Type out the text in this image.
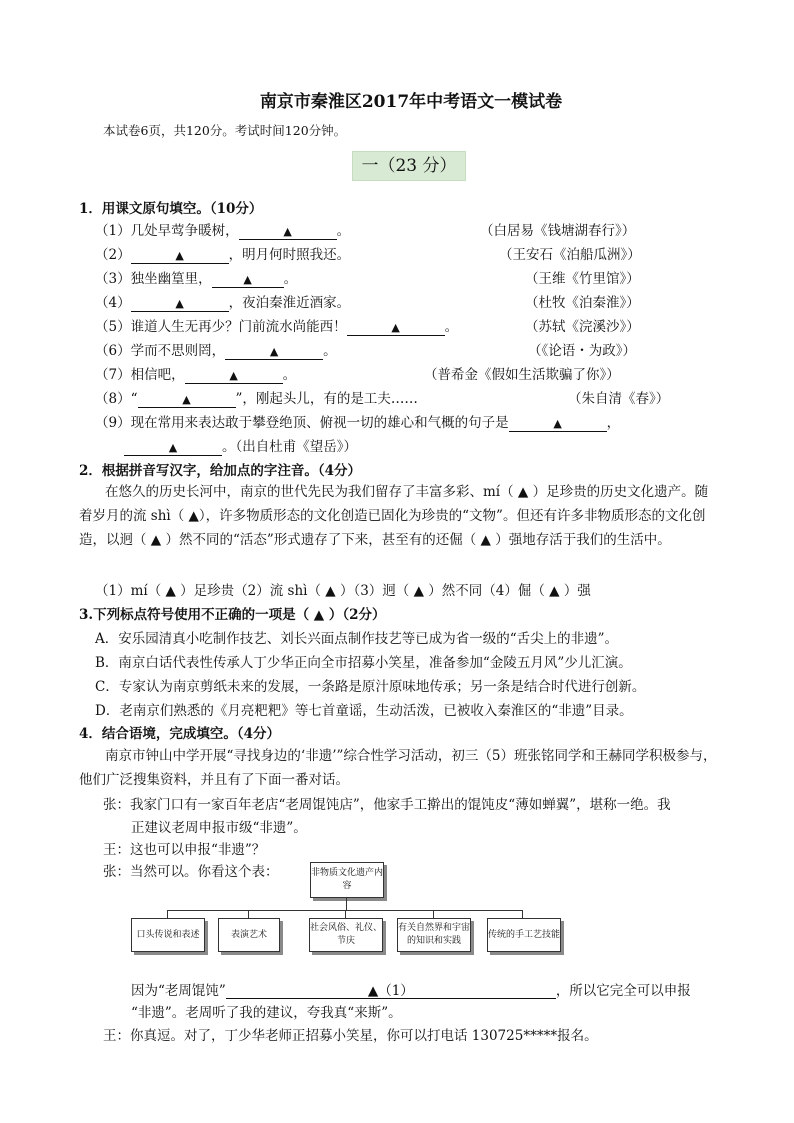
南京市秦淮区2017年中考语文一模试卷
本试卷6页，共120分。考试时间120分钟。
一（23 分）
1．用课文原句填空。（10分）
（1）几处早莺争暖树，	▲	。	（白居易《钱塘湖春行》）
（2）	▲	，明月何时照我还。	（王安石《泊船瓜洲》）
（3）独坐幽篁里，	▲ 。	（王维《竹里馆》）
（4）	▲	，夜泊秦淮近酒家。	（杜牧《泊秦淮》）
（5）谁道人生无再少？门前流水尚能西！	▲	。	（苏轼《浣溪沙》）
（6）学而不思则罔，	▲	。	（《论语・为政》）
（7）相信吧，	▲	。	（普希金《假如生活欺骗了你》）
（8）“	▲	”，刚起头儿，有的是工夫……	（朱自清《春》）
（9）现在常用来表达敢于攀登绝顶、俯视一切的雄心和气概的句子是	▲	，
▲	。（出自杜甫《望岳》）
2．根据拼音写汉字，给加点的字注音。（4分）
在悠久的历史长河中，南京的世代先民为我们留存了丰富多彩、mí（ ▲ ）足珍贵的历史文化遗产。随着岁月的流 shì（ ▲），许多物质形态的文化创造已固化为珍贵的“文物”。但还有许多非物质形态的文化创造，以迥（ ▲ ）然不同的“活态”形式遗存了下来，甚至有的还倔（ ▲ ）强地存活于我们的生活中。
（1）mí（ ▲ ）足珍贵（2）流 shì（ ▲ ）（3）迥（ ▲ ）然不同（4）倔（ ▲ ）强
3.下列标点符号使用不正确的一项是（ ▲ ）（2分）
A．安乐园清真小吃制作技艺、刘长兴面点制作技艺等已成为省一级的“舌尖上的非遗”。
B．南京白话代表性传承人丁少华正向全市招募小笑星，准备参加“金陵五月风”少儿汇演。
C．专家认为南京剪纸未来的发展，一条路是原汁原味地传承；另一条是结合时代进行创新。
D．老南京们熟悉的《月亮粑粑》等七首童谣，生动活泼，已被收入秦淮区的“非遗”目录。
4．结合语境，完成填空。（4分）
南京市钟山中学开展“寻找身边的‘非遗’”综合性学习活动，初三（5）班张铭同学和王赫同学积极参与，他们广泛搜集资料，并且有了下面一番对话。
张：我家门口有一家百年老店“老周馄饨店”，他家手工擀出的馄饨皮“薄如蝉翼”，堪称一绝。我
正建议老周申报市级“非遗”。
王：这也可以申报“非遗”？
张：当然可以。你看这个表：	非物质文化遗产内容
口头传说和表述	表演艺术
社会风俗、礼仪、节庆
有关自然界和宇宙的知识和实践
传统的手工艺技能
因为“老周馄饨”	▲（1）	，所以它完全可以申报
“非遗”。老周听了我的建议，夸我真“来斯”。
王：你真逗。对了，丁少华老师正招募小笑星，你可以打电话 130725*****报名。
